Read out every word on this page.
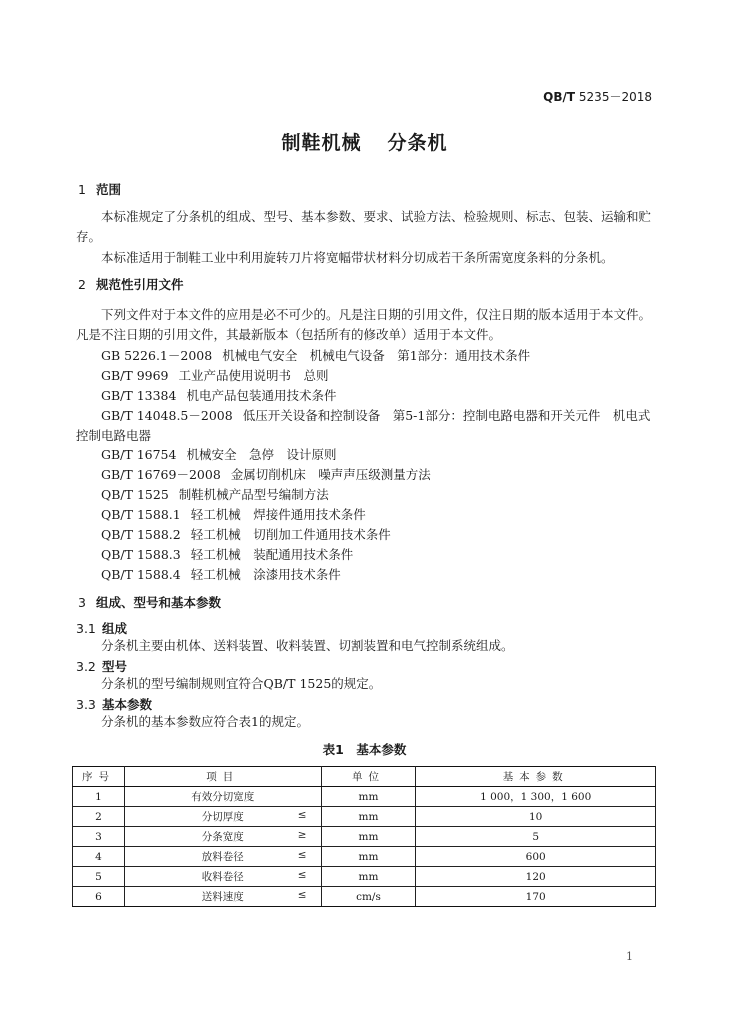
QB/T 5235－2018
制鞋机械 分条机
1 范围
本标准规定了分条机的组成、型号、基本参数、要求、试验方法、检验规则、标志、包装、运输和贮存。
本标准适用于制鞋工业中利用旋转刀片将宽幅带状材料分切成若干条所需宽度条料的分条机。
2 规范性引用文件
下列文件对于本文件的应用是必不可少的。凡是注日期的引用文件，仅注日期的版本适用于本文件。凡是不注日期的引用文件，其最新版本（包括所有的修改单）适用于本文件。
GB 5226.1－2008 机械电气安全　机械电气设备　第1部分：通用技术条件
GB/T 9969 工业产品使用说明书　总则
GB/T 13384 机电产品包装通用技术条件
GB/T 14048.5－2008 低压开关设备和控制设备　第5-1部分：控制电路电器和开关元件　机电式控制电路电器
GB/T 16754 机械安全　急停　设计原则
GB/T 16769－2008 金属切削机床　噪声声压级测量方法
QB/T 1525 制鞋机械产品型号编制方法
QB/T 1588.1 轻工机械　焊接件通用技术条件
QB/T 1588.2 轻工机械　切削加工件通用技术条件
QB/T 1588.3 轻工机械　装配通用技术条件
QB/T 1588.4 轻工机械　涂漆用技术条件
3 组成、型号和基本参数
3.1 组成
分条机主要由机体、送料装置、收料装置、切割装置和电气控制系统组成。
3.2 型号
分条机的型号编制规则宜符合QB/T 1525的规定。
3.3 基本参数
分条机的基本参数应符合表1的规定。
表1　基本参数
序号	项目	单位	基本参数
1	有效分切宽度	mm	1 000，1 300，1 600
2	分切厚度 ≤	mm	10
3	分条宽度 ≥	mm	5
4	放料卷径 ≤	mm	600
5	收料卷径 ≤	mm	120
6	送料速度 ≤	cm/s	170
1
